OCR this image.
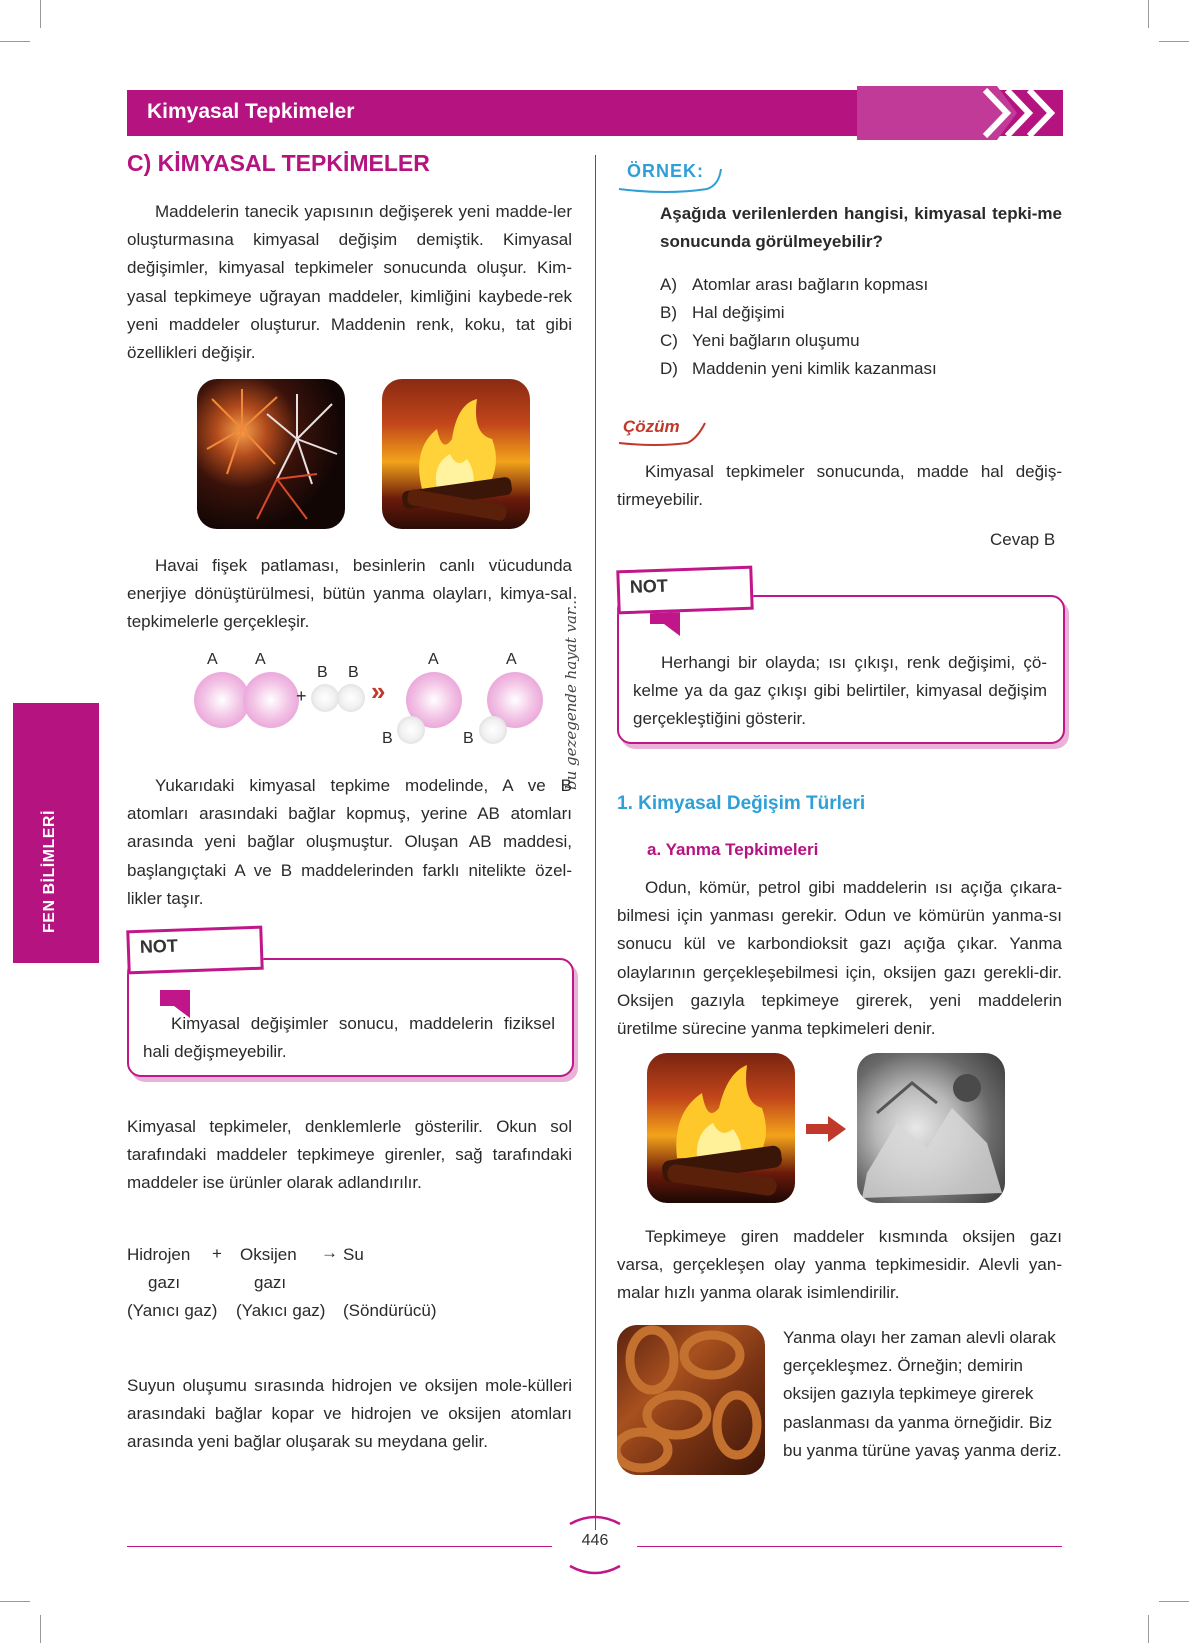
Kimyasal Tepkimeler
FEN BİLİMLERİ
bu gezegende hayat var...
C) KİMYASAL TEPKİMELER
Maddelerin tanecik yapısının değişerek yeni madde-ler oluşturmasına kimyasal değişim demiştik. Kimyasal değişimler, kimyasal tepkimeler sonucunda oluşur. Kim-yasal tepkimeye uğrayan maddeler, kimliğini kaybede-rek yeni maddeler oluşturur. Maddenin renk, koku, tat gibi özellikleri değişir.
Havai fişek patlaması, besinlerin canlı vücudunda enerjiye dönüştürülmesi, bütün yanma olayları, kimya-sal tepkimelerle gerçekleşir.
A A
B B
A	A
B	B
+ »
Yukarıdaki kimyasal tepkime modelinde, A ve B atomları arasındaki bağlar kopmuş, yerine AB atomları arasında yeni bağlar oluşmuştur. Oluşan AB maddesi, başlangıçtaki A ve B maddelerinden farklı nitelikte özel-likler taşır.
Kimyasal değişimler sonucu, maddelerin fiziksel hali değişmeyebilir.
NOT
Kimyasal tepkimeler, denklemlerle gösterilir. Okun sol tarafındaki maddeler tepkimeye girenler, sağ tarafındaki maddeler ise ürünler olarak adlandırılır.
Hidrojen + Oksijen → Su
gazı	gazı
(Yanıcı gaz) (Yakıcı gaz) (Söndürücü)
Suyun oluşumu sırasında hidrojen ve oksijen mole-külleri arasındaki bağlar kopar ve hidrojen ve oksijen atomları arasında yeni bağlar oluşarak su meydana gelir.
ÖRNEK:
Aşağıda verilenlerden hangisi, kimyasal tepki-me sonucunda görülmeyebilir?
A) Atomlar arası bağların kopması
B) Hal değişimi
C) Yeni bağların oluşumu
D) Maddenin yeni kimlik kazanması
Çözüm
Kimyasal tepkimeler sonucunda, madde hal değiş-tirmeyebilir.
Cevap B
Herhangi bir olayda; ısı çıkışı, renk değişimi, çö-kelme ya da gaz çıkışı gibi belirtiler, kimyasal değişim gerçekleştiğini gösterir.
NOT
1. Kimyasal Değişim Türleri
a. Yanma Tepkimeleri
Odun, kömür, petrol gibi maddelerin ısı açığa çıkara-bilmesi için yanması gerekir. Odun ve kömürün yanma-sı sonucu kül ve karbondioksit gazı açığa çıkar. Yanma olaylarının gerçekleşebilmesi için, oksijen gazı gerekli-dir. Oksijen gazıyla tepkimeye girerek, yeni maddelerin üretilme sürecine yanma tepkimeleri denir.
Tepkimeye giren maddeler kısmında oksijen gazı varsa, gerçekleşen olay yanma tepkimesidir. Alevli yan-malar hızlı yanma olarak isimlendirilir.
Yanma olayı her zaman alevli olarak gerçekleşmez. Örneğin; demirin oksijen gazıyla tepkimeye girerek paslanması da yanma örneğidir. Biz bu yanma türüne yavaş yanma deriz.
446
